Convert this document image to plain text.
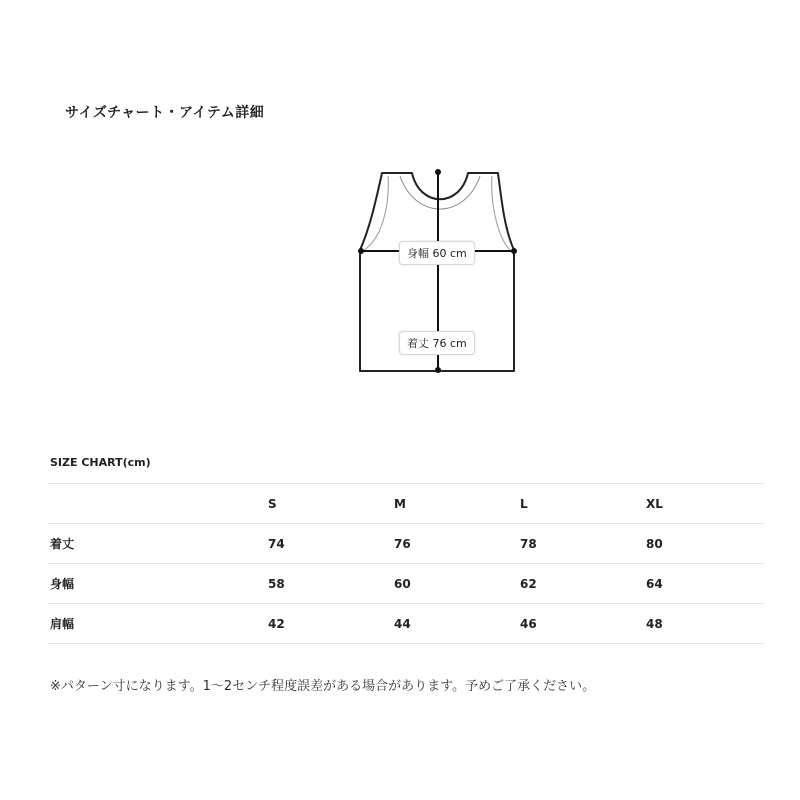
サイズチャート・アイテム詳細
身幅 60 cm
着丈 76 cm
SIZE CHART(cm)
	S	M	L	XL
着丈	74	76	78	80
身幅	58	60	62	64
肩幅	42	44	46	48
※パターン寸になります。1～2センチ程度誤差がある場合があります。予めご了承ください。
